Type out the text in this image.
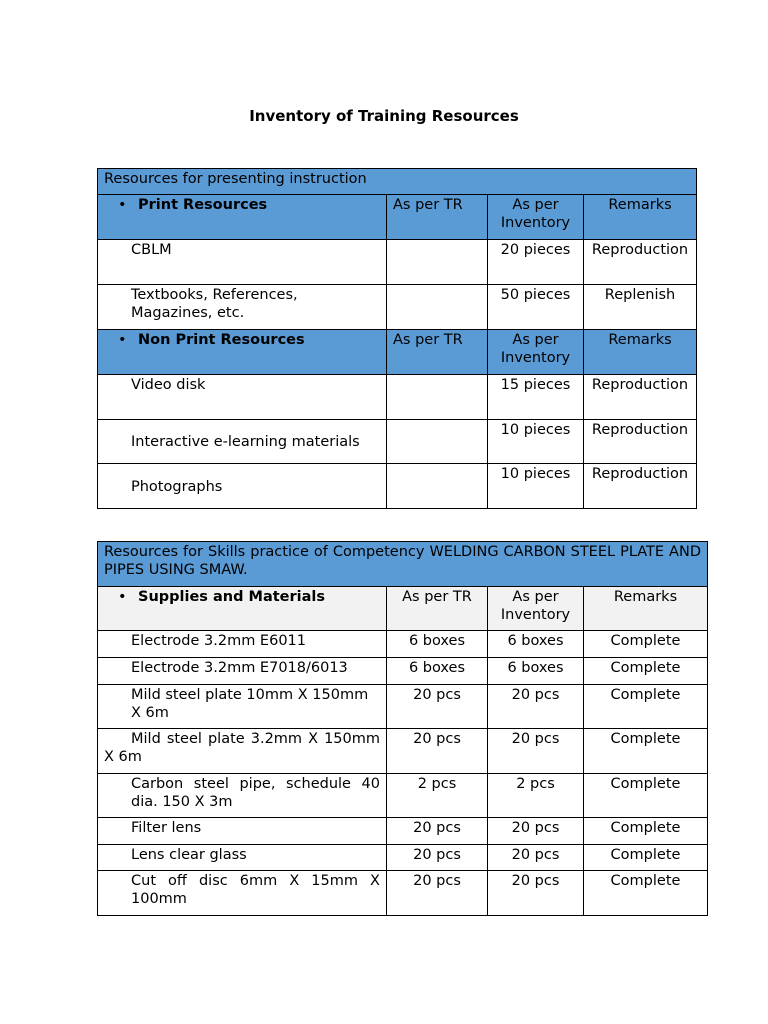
Inventory of Training Resources
Resources for presenting instruction			
• Print Resources	As per TR	As per Inventory	Remarks
CBLM		20 pieces	Reproduction
Textbooks, References, Magazines, etc.		50 pieces	Replenish
• Non Print Resources	As per TR	As per Inventory	Remarks
Video disk		15 pieces	Reproduction
Interactive e-learning materials		10 pieces	Reproduction
Photographs		10 pieces	Reproduction
Resources for Skills practice of Competency WELDING CARBON STEEL PLATE AND PIPES USING SMAW.			
• Supplies and Materials	As per TR	As per Inventory	Remarks
Electrode 3.2mm E6011	6 boxes	6 boxes	Complete
Electrode 3.2mm E7018/6013	6 boxes	6 boxes	Complete
Mild steel plate 10mm X 150mm X 6m	20 pcs	20 pcs	Complete
Mild steel plate 3.2mm X 150mm X 6m	20 pcs	20 pcs	Complete
Carbon steel pipe, schedule 40 dia. 150 X 3m	2 pcs	2 pcs	Complete
Filter lens	20 pcs	20 pcs	Complete
Lens clear glass	20 pcs	20 pcs	Complete
Cut off disc 6mm X 15mm X 100mm	20 pcs	20 pcs	Complete
